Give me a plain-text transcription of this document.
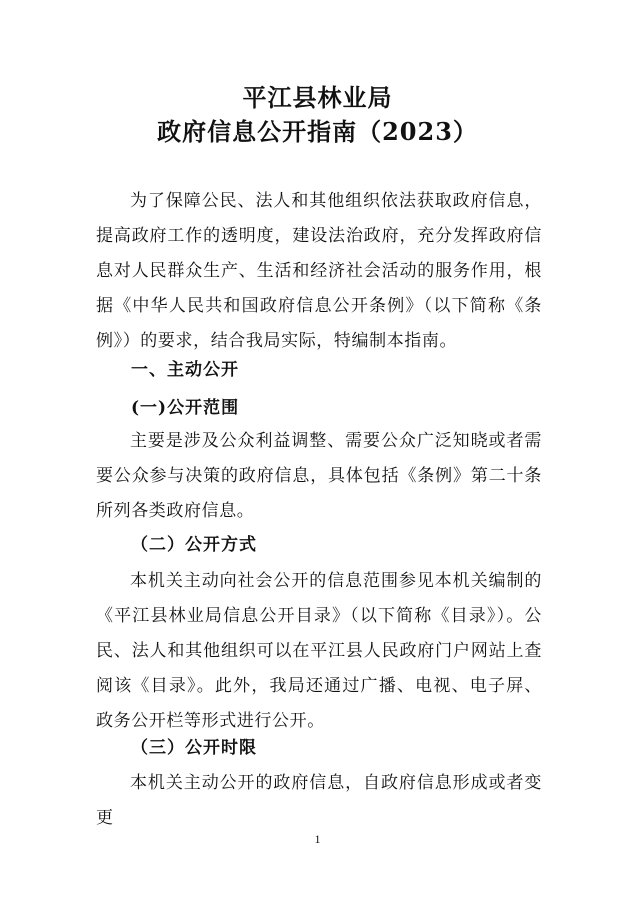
平江县林业局
政府信息公开指南（2023）
为了保障公民、法人和其他组织依法获取政府信息，提高政府工作的透明度，建设法治政府，充分发挥政府信息对人民群众生产、生活和经济社会活动的服务作用，根据《中华人民共和国政府信息公开条例》（以下简称《条例》）的要求，结合我局实际，特编制本指南。
一、主动公开
(一)公开范围
主要是涉及公众利益调整、需要公众广泛知晓或者需要公众参与决策的政府信息，具体包括《条例》第二十条所列各类政府信息。
（二）公开方式
本机关主动向社会公开的信息范围参见本机关编制的《平江县林业局信息公开目录》（以下简称《目录》）。公民、法人和其他组织可以在平江县人民政府门户网站上查阅该《目录》。此外，我局还通过广播、电视、电子屏、政务公开栏等形式进行公开。
（三）公开时限
本机关主动公开的政府信息，自政府信息形成或者变更
1
